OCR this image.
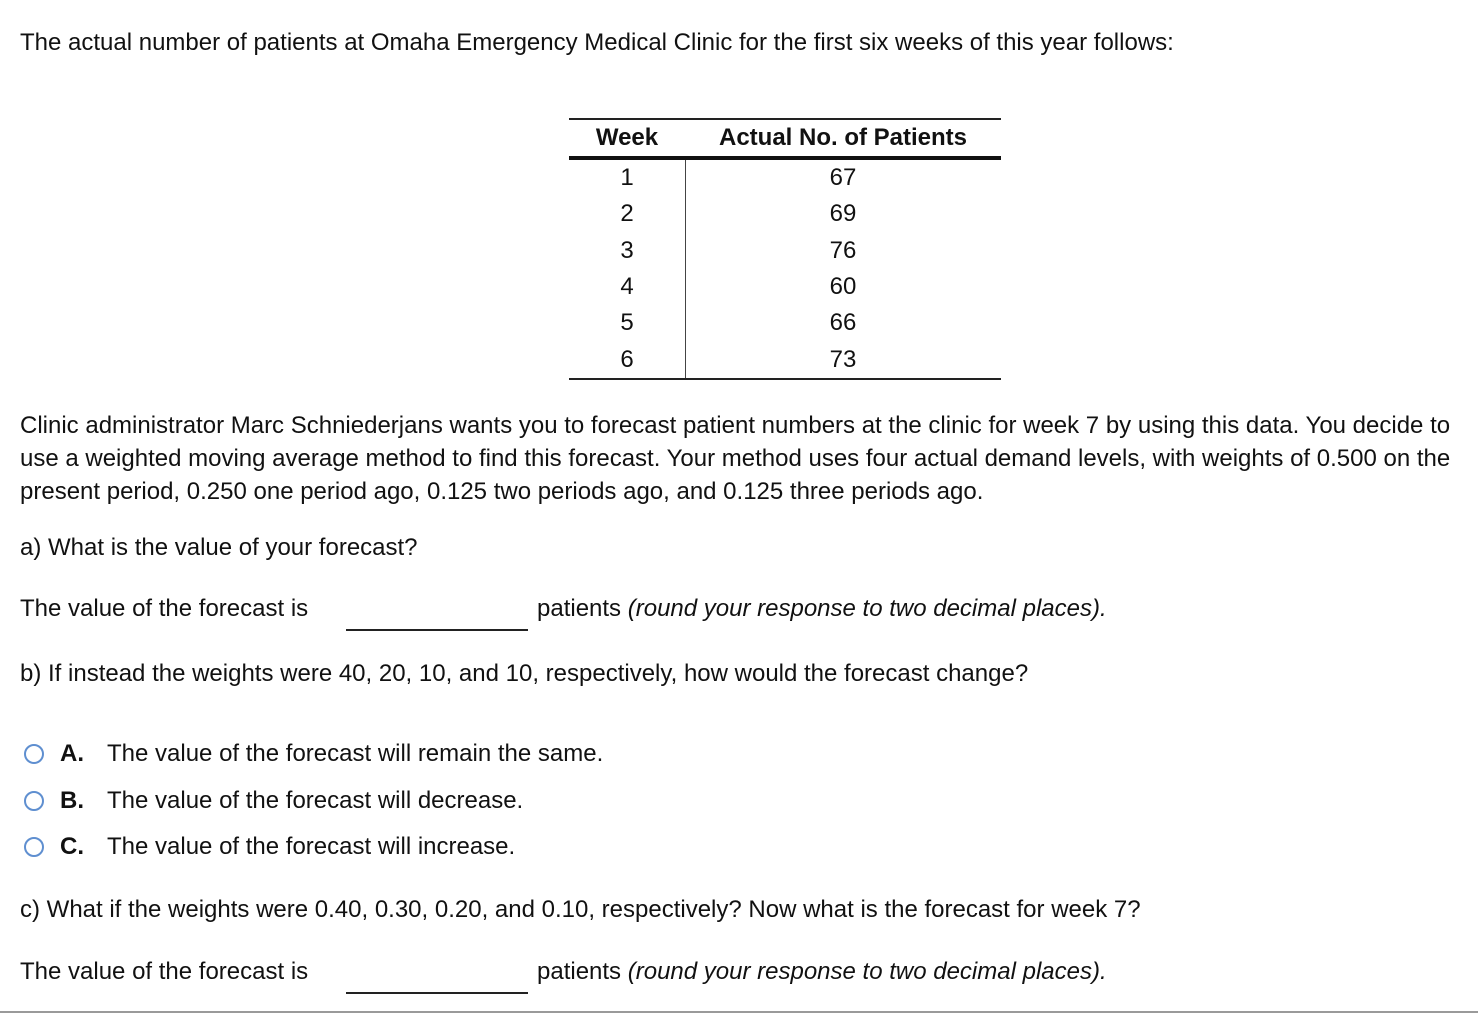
The actual number of patients at Omaha Emergency Medical Clinic for the first six weeks of this year follows:
Week	Actual No. of Patients
1	67
2	69
3	76
4	60
5	66
6	73
Clinic administrator Marc Schniederjans wants you to forecast patient numbers at the clinic for week 7 by using this data. You decide to use a weighted moving average method to find this forecast. Your method uses four actual demand levels, with weights of 0.500 on the present period, 0.250 one period ago, 0.125 two periods ago, and 0.125 three periods ago.
a) What is the value of your forecast?
The value of the forecast is	patients (round your response to two decimal places).
b) If instead the weights were 40, 20, 10, and 10, respectively, how would the forecast change?
A. The value of the forecast will remain the same.
B. The value of the forecast will decrease.
C. The value of the forecast will increase.
c) What if the weights were 0.40, 0.30, 0.20, and 0.10, respectively? Now what is the forecast for week 7?
The value of the forecast is	patients (round your response to two decimal places).
